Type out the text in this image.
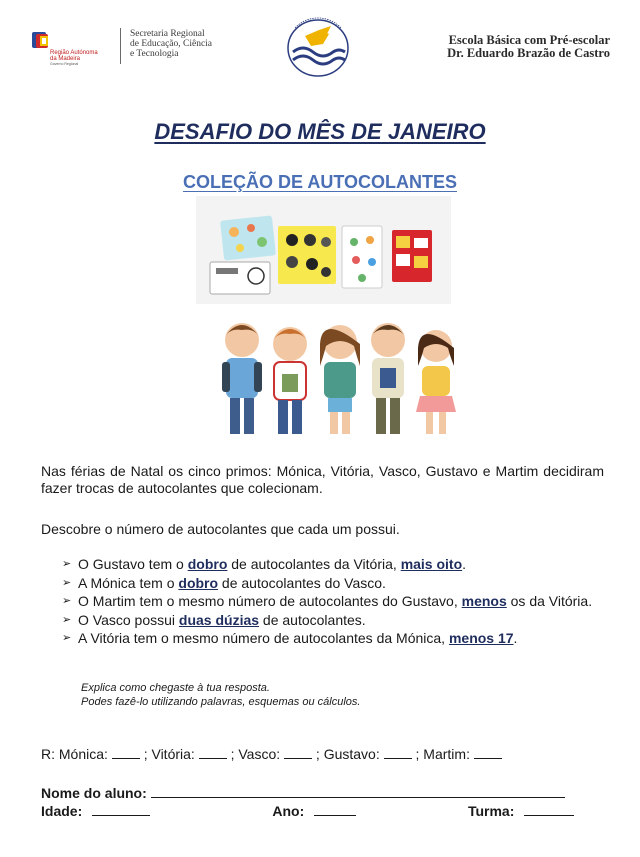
Região Autónoma
da Madeira
Governo Regional
Secretaria Regional
de Educação, Ciência
e Tecnologia
Escola Básica com Pré-escolar
Dr. Eduardo Brazão de Castro
DESAFIO DO MÊS DE JANEIRO
COLEÇÃO DE AUTOCOLANTES
Nas férias de Natal os cinco primos: Mónica, Vitória, Vasco, Gustavo e Martim decidiram fazer trocas de autocolantes que colecionam.
Descobre o número de autocolantes que cada um possui.
➢ O Gustavo tem o dobro de autocolantes da Vitória, mais oito.
➢ A Mónica tem o dobro de autocolantes do Vasco.
➢ O Martim tem o mesmo número de autocolantes do Gustavo, menos os da Vitória.
➢ O Vasco possui duas dúzias de autocolantes.
➢ A Vitória tem o mesmo número de autocolantes da Mónica, menos 17.
Explica como chegaste à tua resposta.
Podes fazê-lo utilizando palavras, esquemas ou cálculos.
R: Mónica:	; Vitória:	; Vasco:	; Gustavo:	; Martim:
Nome do aluno:
Idade:	Ano:	Turma:
